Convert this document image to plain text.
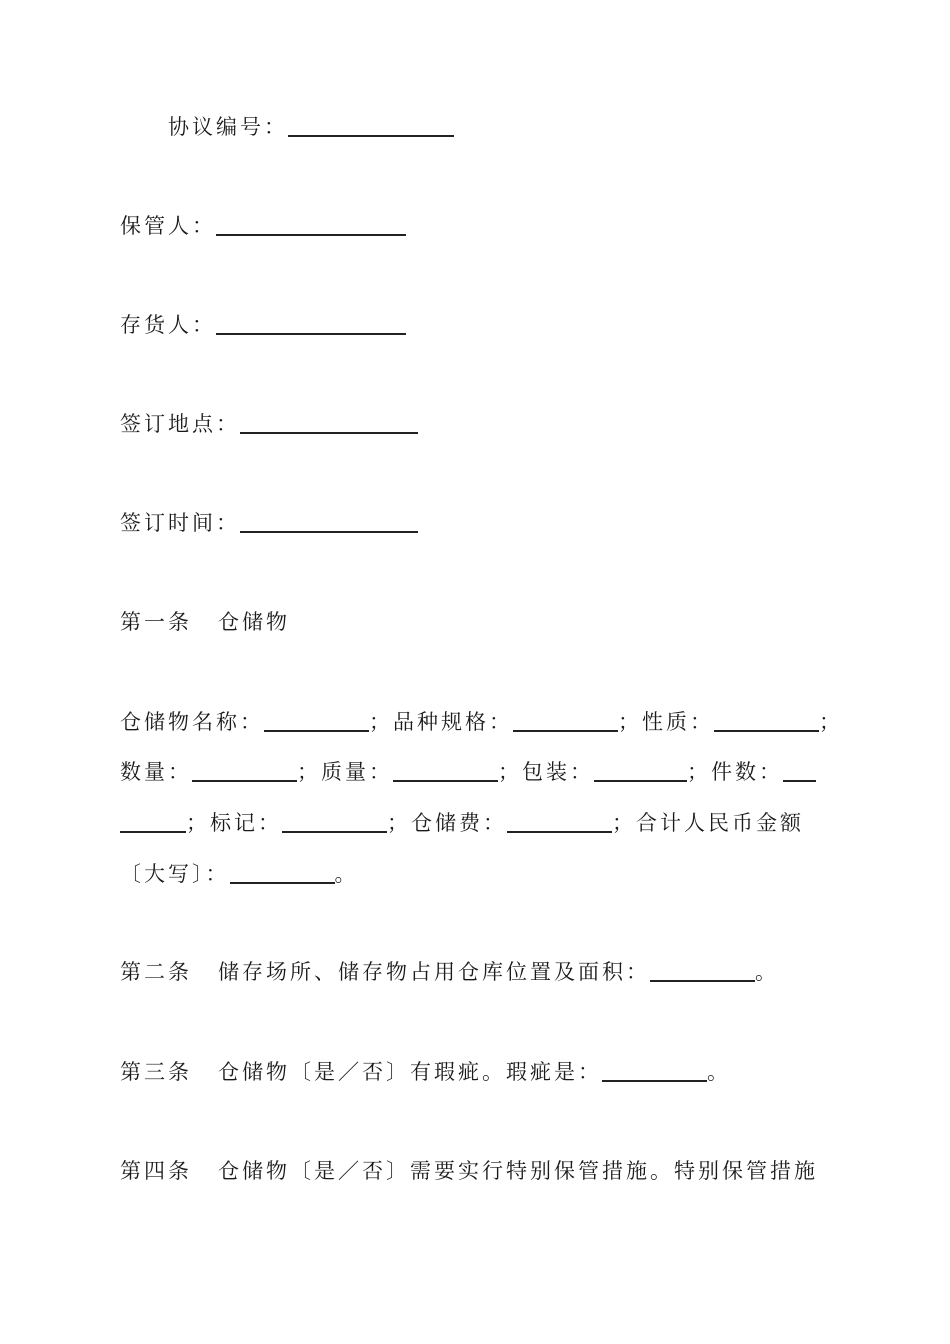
协议编号：
保管人：
存货人：
签订地点：
签订时间：
第一条 仓储物
仓储物名称：	；品种规格：	；性质：	；
数量：	；质量：	；包装：	；件数：
；标记：	；仓储费：	；合计人民币金额
〔大写〕：	。
第二条 储存场所、储存物占用仓库位置及面积：	。
第三条 仓储物〔是／否〕有瑕疵。瑕疵是：	。
第四条 仓储物〔是／否〕需要实行特别保管措施。特别保管措施
